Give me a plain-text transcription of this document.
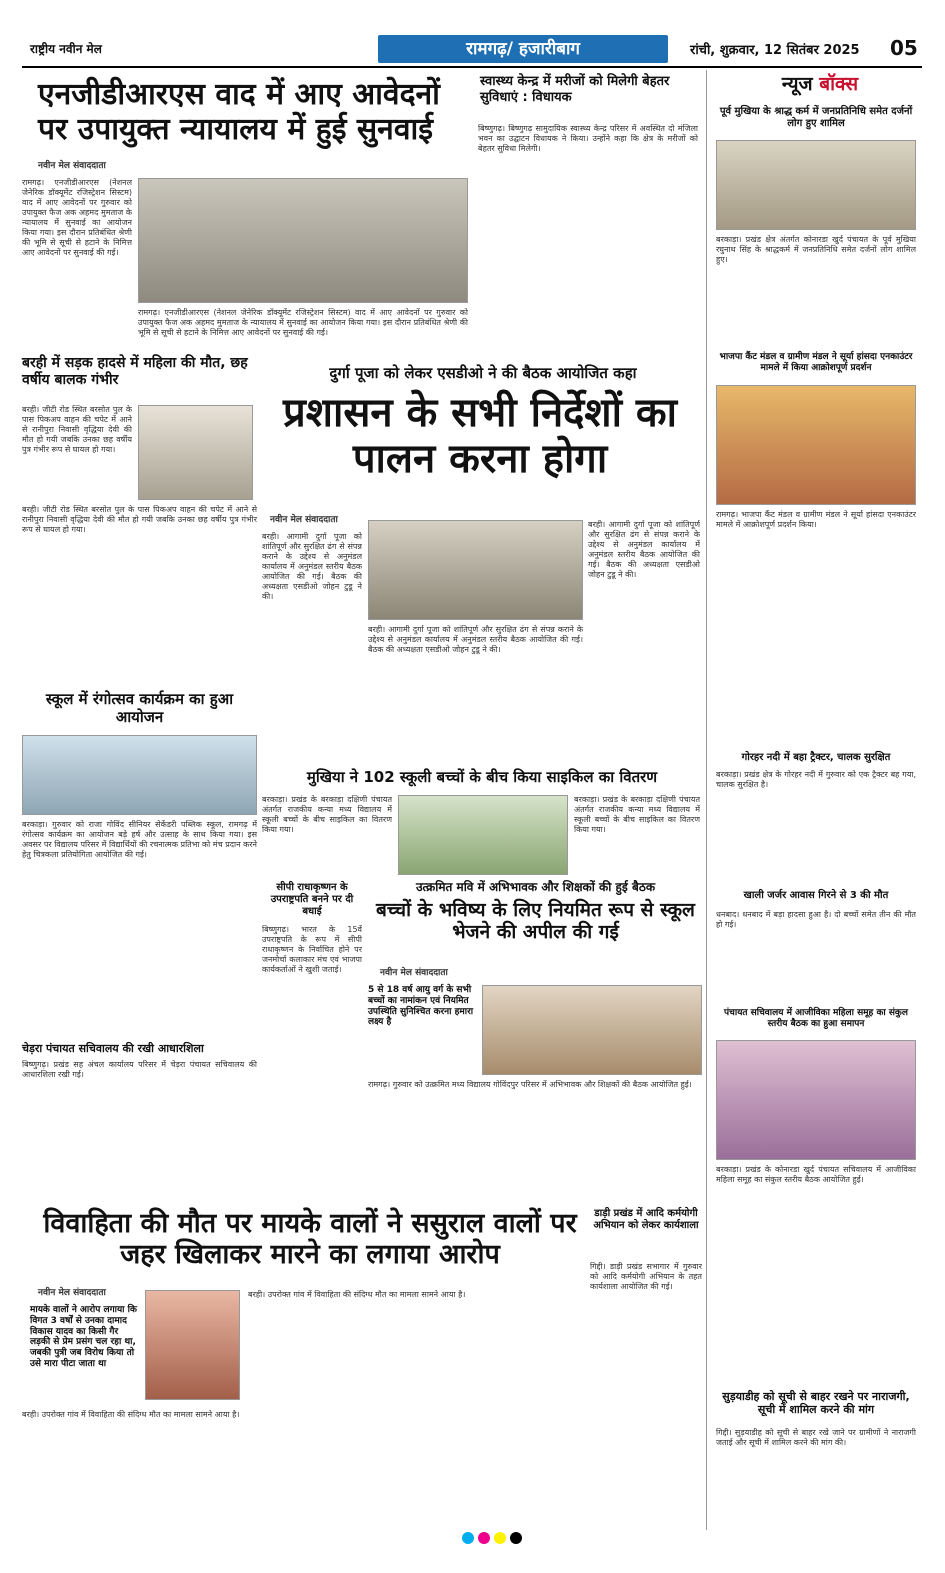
राष्ट्रीय नवीन मेल	रामगढ़/ हजारीबाग	रांची, शुक्रवार, 12 सितंबर 2025 05
एनजीडीआरएस वाद में आए आवेदनों पर उपायुक्त न्यायालय में हुई सुनवाई
नवीन मेल संवाददाता
रामगढ़। एनजीडीआरएस (नेशनल जेनेरिक डॉक्यूमेंट रजिस्ट्रेशन सिस्टम) वाद में आए आवेदनों पर गुरुवार को उपायुक्त फैज अक अहमद मुमताज के न्यायालय में सुनवाई का आयोजन किया गया। इस दौरान प्रतिबंधित श्रेणी की भूमि से सूची से हटाने के निमित्त आए आवेदनों पर सुनवाई की गई।
रामगढ़। एनजीडीआरएस (नेशनल जेनेरिक डॉक्यूमेंट रजिस्ट्रेशन सिस्टम) वाद में आए आवेदनों पर गुरुवार को उपायुक्त फैज अक अहमद मुमताज के न्यायालय में सुनवाई का आयोजन किया गया। इस दौरान प्रतिबंधित श्रेणी की भूमि से सूची से हटाने के निमित्त आए आवेदनों पर सुनवाई की गई।
स्वास्थ्य केन्द्र में मरीजों को मिलेगी बेहतर सुविधाएं : विधायक
बिष्णुगढ़। बिष्णुगढ़ सामुदायिक स्वास्थ्य केन्द्र परिसर में अवस्थित दो मंजिला भवन का उद्घाटन विधायक ने किया। उन्होंने कहा कि क्षेत्र के मरीजों को बेहतर सुविधा मिलेगी।
न्यूज बॉक्स
पूर्व मुखिया के श्राद्ध कर्म में जनप्रतिनिधि समेत दर्जनों लोग हुए शामिल
बरकाड़ा। प्रखंड क्षेत्र अंतर्गत कोनारडा खुर्द पंचायत के पूर्व मुखिया रघुनाथ सिंह के श्राद्धकर्म में जनप्रतिनिधि समेत दर्जनों लोग शामिल हुए।
भाजपा कैंट मंडल व ग्रामीण मंडल ने सूर्या हांसदा एनकाउंटर मामले में किया आक्रोशपूर्ण प्रदर्शन
रामगढ़। भाजपा कैंट मंडल व ग्रामीण मंडल ने सूर्या हांसदा एनकाउंटर मामले में आक्रोशपूर्ण प्रदर्शन किया।
गोरहर नदी में बहा ट्रैक्टर, चालक सुरक्षित
बरकाड़ा। प्रखंड क्षेत्र के गोरहर नदी में गुरुवार को एक ट्रैक्टर बह गया, चालक सुरक्षित है।
खाली जर्जर आवास गिरने से 3 की मौत
धनबाद। धनबाद में बड़ा हादसा हुआ है। दो बच्चों समेत तीन की मौत हो गई।
पंचायत सचिवालय में आजीविका महिला समूह का संकुल स्तरीय बैठक का हुआ समापन
बरकाड़ा। प्रखंड के कोनारडा खुर्द पंचायत सचिवालय में आजीविका महिला समूह का संकुल स्तरीय बैठक आयोजित हुई।
सुड़याडीह को सूची से बाहर रखने पर नाराजगी, सूची में शामिल करने की मांग
गिद्दी। सुड़याडीह को सूची से बाहर रखे जाने पर ग्रामीणों ने नाराजगी जताई और सूची में शामिल करने की मांग की।
बरही में सड़क हादसे में महिला की मौत, छह वर्षीय बालक गंभीर
बरही। जीटी रोड स्थित बरसोत पुल के पास पिकअप वाहन की चपेट में आने से रानीपुरा निवासी वृद्धिया देवी की मौत हो गयी जबकि उनका छह वर्षीय पुत्र गंभीर रूप से घायल हो गया।
बरही। जीटी रोड स्थित बरसोत पुल के पास पिकअप वाहन की चपेट में आने से रानीपुरा निवासी वृद्धिया देवी की मौत हो गयी जबकि उनका छह वर्षीय पुत्र गंभीर रूप से घायल हो गया।
दुर्गा पूजा को लेकर एसडीओ ने की बैठक आयोजित कहा
प्रशासन के सभी निर्देशों का पालन करना होगा
नवीन मेल संवाददाता
बरही। आगामी दुर्गा पूजा को शांतिपूर्ण और सुरक्षित ढंग से संपन्न कराने के उद्देश्य से अनुमंडल कार्यालय में अनुमंडल स्तरीय बैठक आयोजित की गई। बैठक की अध्यक्षता एसडीओ जोहन टुडू ने की।
बरही। आगामी दुर्गा पूजा को शांतिपूर्ण और सुरक्षित ढंग से संपन्न कराने के उद्देश्य से अनुमंडल कार्यालय में अनुमंडल स्तरीय बैठक आयोजित की गई। बैठक की अध्यक्षता एसडीओ जोहन टुडू ने की।
बरही। आगामी दुर्गा पूजा को शांतिपूर्ण और सुरक्षित ढंग से संपन्न कराने के उद्देश्य से अनुमंडल कार्यालय में अनुमंडल स्तरीय बैठक आयोजित की गई। बैठक की अध्यक्षता एसडीओ जोहन टुडू ने की।
स्कूल में रंगोत्सव कार्यक्रम का हुआ आयोजन
बरकाड़ा। गुरुवार को राजा गोविंद सीनियर सेकेंडरी पब्लिक स्कूल, रामगढ़ में रंगोत्सव कार्यक्रम का आयोजन बड़े हर्ष और उत्साह के साथ किया गया। इस अवसर पर विद्यालय परिसर में विद्यार्थियों की रचनात्मक प्रतिभा को मंच प्रदान करने हेतु चित्रकला प्रतियोगिता आयोजित की गई।
मुखिया ने 102 स्कूली बच्चों के बीच किया साइकिल का वितरण
बरकाड़ा। प्रखंड के बरकाड़ा दक्षिणी पंचायत अंतर्गत राजकीय कन्या मध्य विद्यालय में स्कूली बच्चों के बीच साइकिल का वितरण किया गया।
बरकाड़ा। प्रखंड के बरकाड़ा दक्षिणी पंचायत अंतर्गत राजकीय कन्या मध्य विद्यालय में स्कूली बच्चों के बीच साइकिल का वितरण किया गया।
सीपी राधाकृष्णन के उपराष्ट्रपति बनने पर दी बधाई
बिष्णुगढ़। भारत के 15वें उपराष्ट्रपति के रूप में सीपी राधाकृष्णन के निर्वाचित होने पर जनमोर्चा कलाकार मंच एवं भाजपा कार्यकर्ताओं ने खुशी जताई।
उत्क्रमित मवि में अभिभावक और शिक्षकों की हुई बैठक
बच्चों के भविष्य के लिए नियमित रूप से स्कूल भेजने की अपील की गई
नवीन मेल संवाददाता
5 से 18 वर्ष आयु वर्ग के सभी बच्चों का नामांकन एवं नियमित उपस्थिति सुनिश्चित करना हमारा लक्ष्य है
रामगढ़। गुरुवार को उत्क्रमित मध्य विद्यालय गोविंदपुर परिसर में अभिभावक और शिक्षकों की बैठक आयोजित हुई।
चेड़रा पंचायत सचिवालय की रखी आधारशिला
बिष्णुगढ़। प्रखंड सह अंचल कार्यालय परिसर में चेड़रा पंचायत सचिवालय की आधारशिला रखी गई।
विवाहिता की मौत पर मायके वालों ने ससुराल वालों पर जहर खिलाकर मारने का लगाया आरोप
नवीन मेल संवाददाता
मायके वालों ने आरोप लगाया कि विगत 3 वर्षों से उनका दामाद विकास यादव का किसी गैर लड़की से प्रेम प्रसंग चल रहा था, जबकी पुत्री जब विरोध किया तो उसे मारा पीटा जाता था
बरही। उपरोक्त गांव में विवाहिता की संदिग्ध मौत का मामला सामने आया है।
बरही। उपरोक्त गांव में विवाहिता की संदिग्ध मौत का मामला सामने आया है।
डाड़ी प्रखंड में आदि कर्मयोगी अभियान को लेकर कार्यशाला
गिद्दी। डाड़ी प्रखंड सभागार में गुरुवार को आदि कर्मयोगी अभियान के तहत कार्यशाला आयोजित की गई।
